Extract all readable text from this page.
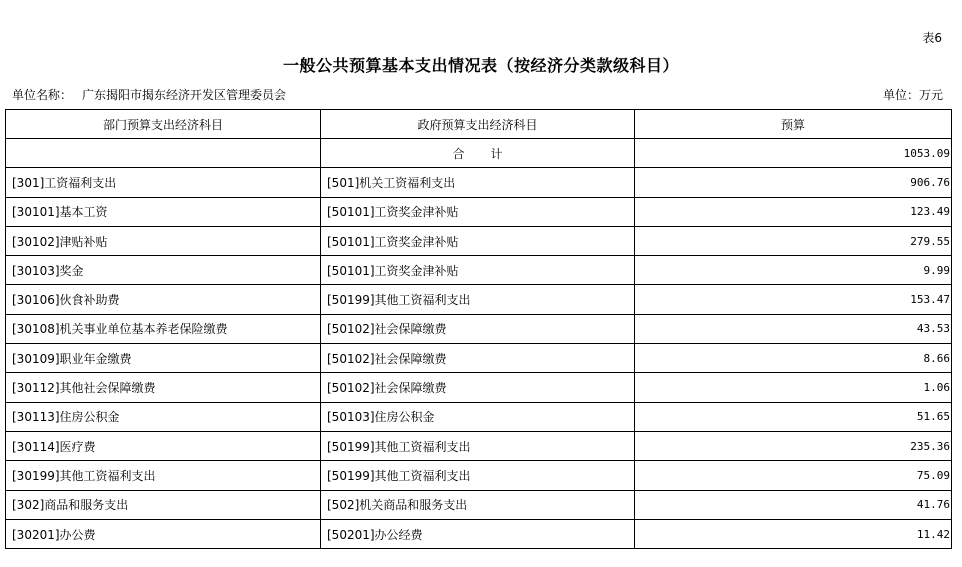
表6
一般公共预算基本支出情况表（按经济分类款级科目）
单位名称： 广东揭阳市揭东经济开发区管理委员会	单位：万元
部门预算支出经济科目	政府预算支出经济科目	预算
	合 计	1053.09
[301]工资福利支出	[501]机关工资福利支出	906.76
[30101]基本工资	[50101]工资奖金津补贴	123.49
[30102]津贴补贴	[50101]工资奖金津补贴	279.55
[30103]奖金	[50101]工资奖金津补贴	9.99
[30106]伙食补助费	[50199]其他工资福利支出	153.47
[30108]机关事业单位基本养老保险缴费	[50102]社会保障缴费	43.53
[30109]职业年金缴费	[50102]社会保障缴费	8.66
[30112]其他社会保障缴费	[50102]社会保障缴费	1.06
[30113]住房公积金	[50103]住房公积金	51.65
[30114]医疗费	[50199]其他工资福利支出	235.36
[30199]其他工资福利支出	[50199]其他工资福利支出	75.09
[302]商品和服务支出	[502]机关商品和服务支出	41.76
[30201]办公费	[50201]办公经费	11.42
